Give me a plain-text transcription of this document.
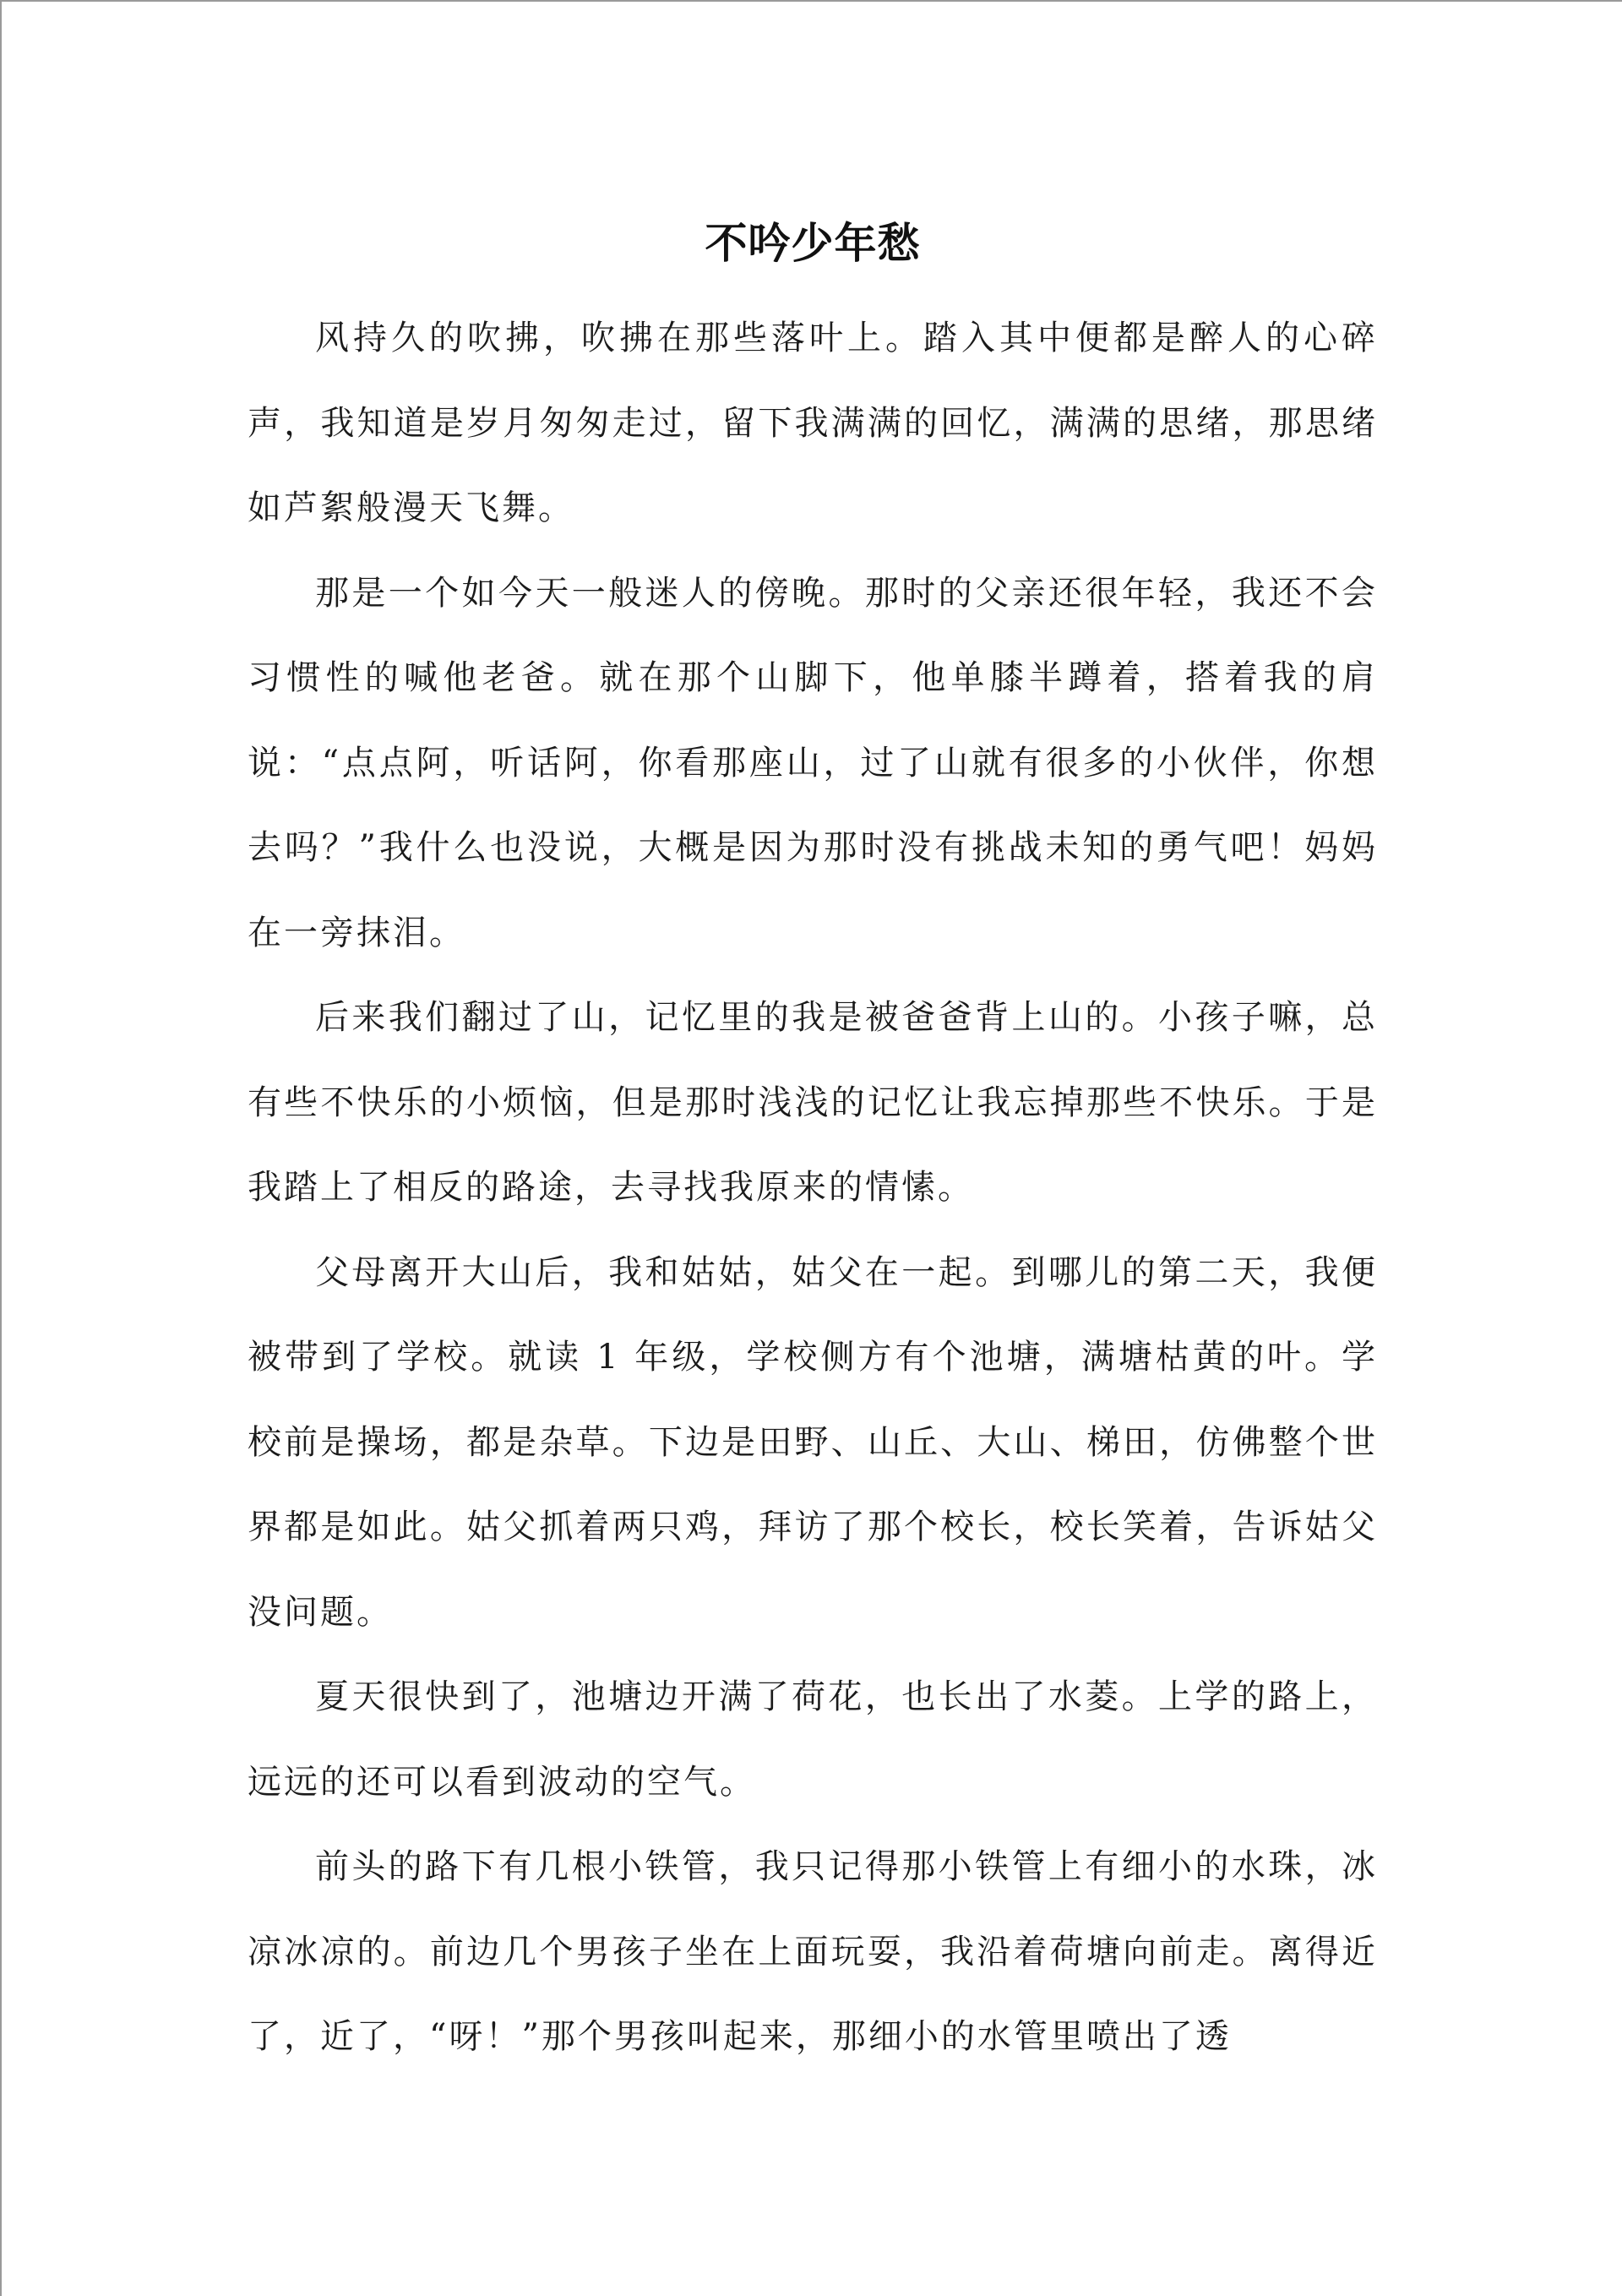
不吟少年愁

风持久的吹拂，吹拂在那些落叶上。踏入其中便都是醉人的心碎声，我知道是岁月匆匆走过，留下我满满的回忆，满满的思绪，那思绪如芦絮般漫天飞舞。

那是一个如今天一般迷人的傍晚。那时的父亲还很年轻，我还不会习惯性的喊他老爸。就在那个山脚下，他单膝半蹲着，搭着我的肩说：“点点阿，听话阿，你看那座山，过了山就有很多的小伙伴，你想去吗？”我什么也没说，大概是因为那时没有挑战未知的勇气吧！妈妈在一旁抹泪。

后来我们翻过了山，记忆里的我是被爸爸背上山的。小孩子嘛，总有些不快乐的小烦恼，但是那时浅浅的记忆让我忘掉那些不快乐。于是我踏上了相反的路途，去寻找我原来的情愫。

父母离开大山后，我和姑姑，姑父在一起。到哪儿的第二天，我便被带到了学校。就读 1 年级，学校侧方有个池塘，满塘枯黄的叶。学校前是操场，都是杂草。下边是田野、山丘、大山、梯田，仿佛整个世界都是如此。姑父抓着两只鸡，拜访了那个校长，校长笑着，告诉姑父没问题。

夏天很快到了，池塘边开满了荷花，也长出了水菱。上学的路上，远远的还可以看到波动的空气。

前头的路下有几根小铁管，我只记得那小铁管上有细小的水珠，冰凉冰凉的。前边几个男孩子坐在上面玩耍，我沿着荷塘向前走。离得近了，近了，“呀！”那个男孩叫起来，那细小的水管里喷出了透
